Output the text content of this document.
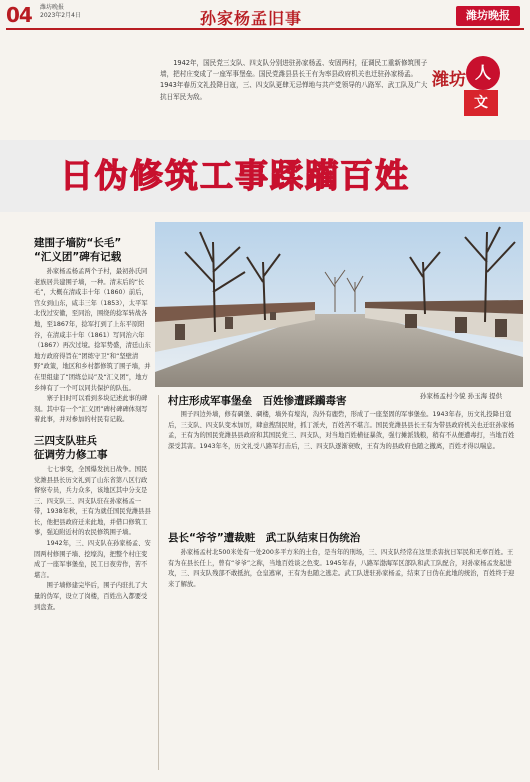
04 潍坊晚报
2023年2月4日	孙家杨孟旧事	潍坊晚报
1942年，国民党三支队、四支队分别进驻孙家杨孟、安固两村，征调民工重新修筑围子墙，把村庄变成了一座军事堡垒。国民党潍县县长王有为率县政府机关也迁驻孙家杨孟。1943年春历文礼投降日寇，三、四支队更肆无忌惮地与共产党领导的八路军、武工队及广大抗日军民为敌。
潍坊 人
文
日伪修筑工事蹂躏百姓
孙家杨孟村今貌 孙玉海 提供
建围子墙防“长毛”
“汇义团”碑有记载

孙家杨孟杨孟两个子村，最初孙氏同老族居共建围子墙，一种。清末后的“长毛”，大概在清咸丰十年（1860）前后，宫女到山东，咸丰三年（1853），太平军北伐过安徽，至同治，围绕的捻军转战各地，至1867年，捻军打到了上东平原阳谷，在清咸丰十年（1861）写同治六年（1867）再次过境。捻军势盛，清廷山东地方政府得旨在“团练守卫”和“坚壁清野”政策，地区和乡村都修筑了围子墙，并在里组建了“团练总局”及“汇义团”，地方乡绅有了一个可以同共保护的队伍。

寨子旧时可以看到多块记述此事的碑刻。其中有一个“汇义团”碑村碑碑体刻写着此事，并对参加的村民有记载。

三四支队驻兵
征调劳力修工事

七七事变，全国爆发抗日战争。国民党潍县县长历文礼到了山东省第八区行政督察专员，兵力众多，该地区其中分支是三、四支队三、四支队驻在孙家杨孟一带，1938年秋，王有为就任国民党潍县县长，他把县政府迁来此地，并借口修筑工事，强迫附近村的农民修筑围子墙。

1942年，三、四支队在孙家杨孟、安固两村修围子墙、挖壕沟，把整个村庄变成了一座军事堡垒，民工日夜劳作，苦不堪言。

围子墙修建完毕后，围子内驻扎了大量的伪军，设立了岗楼，百姓出入都要受到盘查。

村庄形成军事堡垒　百姓惨遭蹂躏毒害

围子四边外墙，修有碉堡、碉楼，墙外有壕沟，沟外有鹿砦，形成了一座坚固的军事堡垒。1943年春，历文礼投降日寇后，三支队、四支队变本加厉，肆意搜刮民财，抓丁派夫，百姓苦不堪言。国民党潍县县长王有为带县政府机关也迁驻孙家杨孟，王有为的国民党潍县县政府和其国民党三、四支队，对当地百姓横征暴敛，强行摊派钱粮，稍有不从便遭毒打，当地百姓深受其害。1943年冬，历文礼受八路军打击后，三、四支队逐渐衰败，王有为的县政府也随之撤离，百姓才得以喘息。

县长“爷爷”遭裁赃　武工队结束日伪统治

孙家杨孟村北500米处有一处200多平方米的土台，是当年的刑场，三、四支队经常在这里杀害抗日军民和无辜百姓。王有为在县长任上，曾有“爷爷”之称，当地百姓谈之色变。1945年春，八路军渤海军区部队和武工队配合，对孙家杨孟发起进攻，三、四支队残部不敢抵抗，仓皇逃窜，王有为也随之逃走。武工队进驻孙家杨孟，结束了日伪在此地的统治，百姓终于迎来了解放。
